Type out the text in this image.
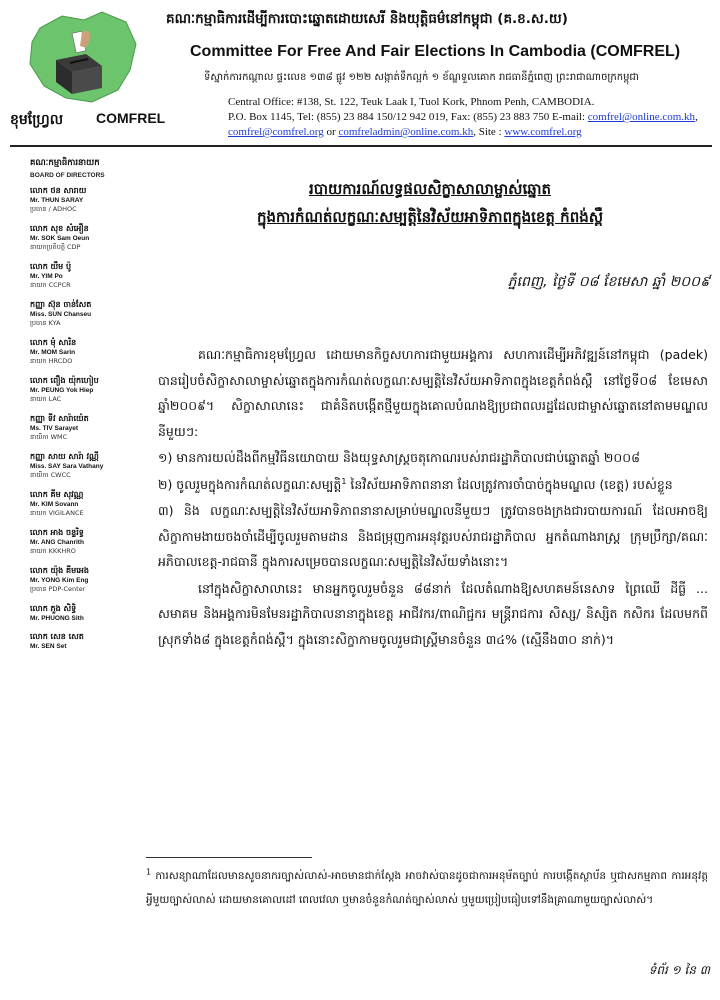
ខុមហ្វ្រែល COMFREL
គណៈកម្មាធិការដើម្បីការបោះឆ្នោតដោយសេរី និងយុត្តិធម៌នៅកម្ពុជា (គ.ខ.ស.យ)
Committee For Free And Fair Elections In Cambodia (COMFREL)
ទីស្នាក់ការកណ្តាល ផ្ទះលេខ ១៣៨ ផ្លូវ ១២២ សង្កាត់ទឹកល្អក់ ១ ខ័ណ្ឌទួលគោក រាជធានីភ្នំពេញ ព្រះរាជាណាចក្រកម្ពុជា
Central Office: #138, St. 122, Teuk Laak I, Tuol Kork, Phnom Penh, CAMBODIA.
P.O. Box 1145, Tel: (855) 23 884 150/12 942 019, Fax: (855) 23 883 750 E-mail: comfrel@online.com.kh,
comfrel@comfrel.org or comfreladmin@online.com.kh, Site : www.comfrel.org
គណៈកម្មាធិការនាយក
BOARD OF DIRECTORS
លោក ថន សារាយ
Mr. THUN SARAY
ប្រធាន / ADHOC
លោក សុខ សំអឿន
Mr. SOK Sam Oeun
នាយកប្រតិបត្តិ CDP
លោក យឹម ប៉ូ
Mr. YIM Po
នាយក CCPCR
កញ្ញា ស៊ុន ចាន់សែត
Miss. SUN Chanseu
ប្រធាន KYA
លោក មុំ សារិន
Mr. MOM Sarin
នាយក HRCDO
លោក ពឿង យ៉ុកហៀប
Mr. PEUNG Yok Hiep
នាយក LAC
កញ្ញា ទីវ សារ៉ាយ៉េត
Ms. TIV Sarayet
នាយិកា WMC
កញ្ញា សាយ សារ៉ា វណ្ណី
Miss. SAY Sara Vathany
នាយិកា CWCC
លោក គីម សុវណ្ណ
Mr. KIM Sovann
នាយក VIGILANCE
លោក អាង ចន្ទរិទ្ធ
Mr. ANG Chanrith
នាយក KKKHRO
លោក យ៉ុង គីមអេង
Mr. YONG Kim Eng
ប្រធាន PDP-Center
លោក ភួង សិទ្ធិ
Mr. PHUONG Sith
លោក សេន សេត
Mr. SEN Set
របាយការណ៍លទ្ធផលសិក្ខាសាលាម្ចាស់ឆ្នោត
ក្នុងការកំណត់លក្ខណៈសម្បត្តិនៃវិស័យអាទិភាពក្នុងខេត្ត កំពង់ស្ពឺ
ភ្នំពេញ, ថ្ងៃទី ០៨ ខែមេសា ឆ្នាំ ២០០៩

គណៈកម្មាធិការខុមហ្វ្រែល ដោយមានកិច្ចសហការជាមួយអង្គការ សហការដើម្បីអភិវឌ្ឍន៍នៅកម្ពុជា (padek) បានរៀបចំសិក្ខាសាលាម្ចាស់ឆ្នោតក្នុងការកំណត់លក្ខណៈសម្បត្តិនៃវិស័យអាទិភាពក្នុងខេត្តកំពង់ស្ពឺ នៅថ្ងៃទី០៨ ខែមេសា ឆ្នាំ២០០៩។ សិក្ខាសាលានេះ ជាគំនិតបង្កើតថ្មីមួយក្នុងគោលបំណងឱ្យប្រជាពលរដ្ឋដែលជាម្ចាស់ឆ្នោតនៅតាមមណ្ឌលនីមួយៗ:

១) មានការយល់ដឹងពីកម្មវិធីនយោបាយ និងយុទ្ធសាស្ត្រចតុកោណរបស់រាជរដ្ឋាភិបាលជាប់ឆ្នោតឆ្នាំ ២០០៨

២) ចូលរួមក្នុងការកំណត់លក្ខណៈសម្បត្តិ$^1$ នៃវិស័យអាទិភាពនានា ដែលត្រូវការចាំបាច់ក្នុងមណ្ឌល (ខេត្ត) របស់ខ្លួន

៣) និង លក្ខណៈសម្បត្តិនៃវិស័យអាទិភាពនានាសម្រាប់មណ្ឌលនីមួយៗ ត្រូវបានចងក្រងជារបាយការណ៍ ដែលអាចឱ្យសិក្ខាកាមងាយចងចាំដើម្បីចូលរួមតាមដាន និងជម្រុញការអនុវត្តរបស់រាជរដ្ឋាភិបាល អ្នកតំណាងរាស្ត្រ ក្រុមប្រឹក្សា/គណៈអភិបាលខេត្ត-រាជធានី ក្នុងការសម្រេចបានលក្ខណៈសម្បត្តិនៃវិស័យទាំងនោះ។

នៅក្នុងសិក្ខាសាលានេះ មានអ្នកចូលរួមចំនួន ៨៨នាក់ ដែលតំណាងឱ្យសហគមន៍នេសាទ ព្រៃឈើ ដីធ្លី ... សមាគម និងអង្គការមិនមែនរដ្ឋាភិបាលនានាក្នុងខេត្ត អាជីវករ/ពាណិជ្ជករ មន្ត្រីរាជការ សិស្ស/ និស្សិត កសិករ ដែលមកពីស្រុកទាំង៨ ក្នុងខេត្តកំពង់ស្ពឺ។ ក្នុងនោះសិក្ខាកាមចូលរួមជាស្ត្រីមានចំនួន ៣៤% (ស្មើនឹង៣០ នាក់)។

$^1$ ការសន្យាណាដែលមានសូចនាករច្បាស់លាស់-អាចមានជាក់ស្តែង អាចវាស់បានដូចជាការអនុម័តច្បាប់ ការបង្កើតស្ថាប័ន ឬជាសកម្មភាព ការអនុវត្តអ្វីមួយច្បាស់លាស់ ដោយមានគោលដៅ ពេលវេលា ឬមានចំនួនកំណត់ច្បាស់លាស់ ឬមួយប្រៀបធៀបទៅនឹងគ្រាណាមួយច្បាស់លាស់។
ទំព័រ ១ នៃ ៣
